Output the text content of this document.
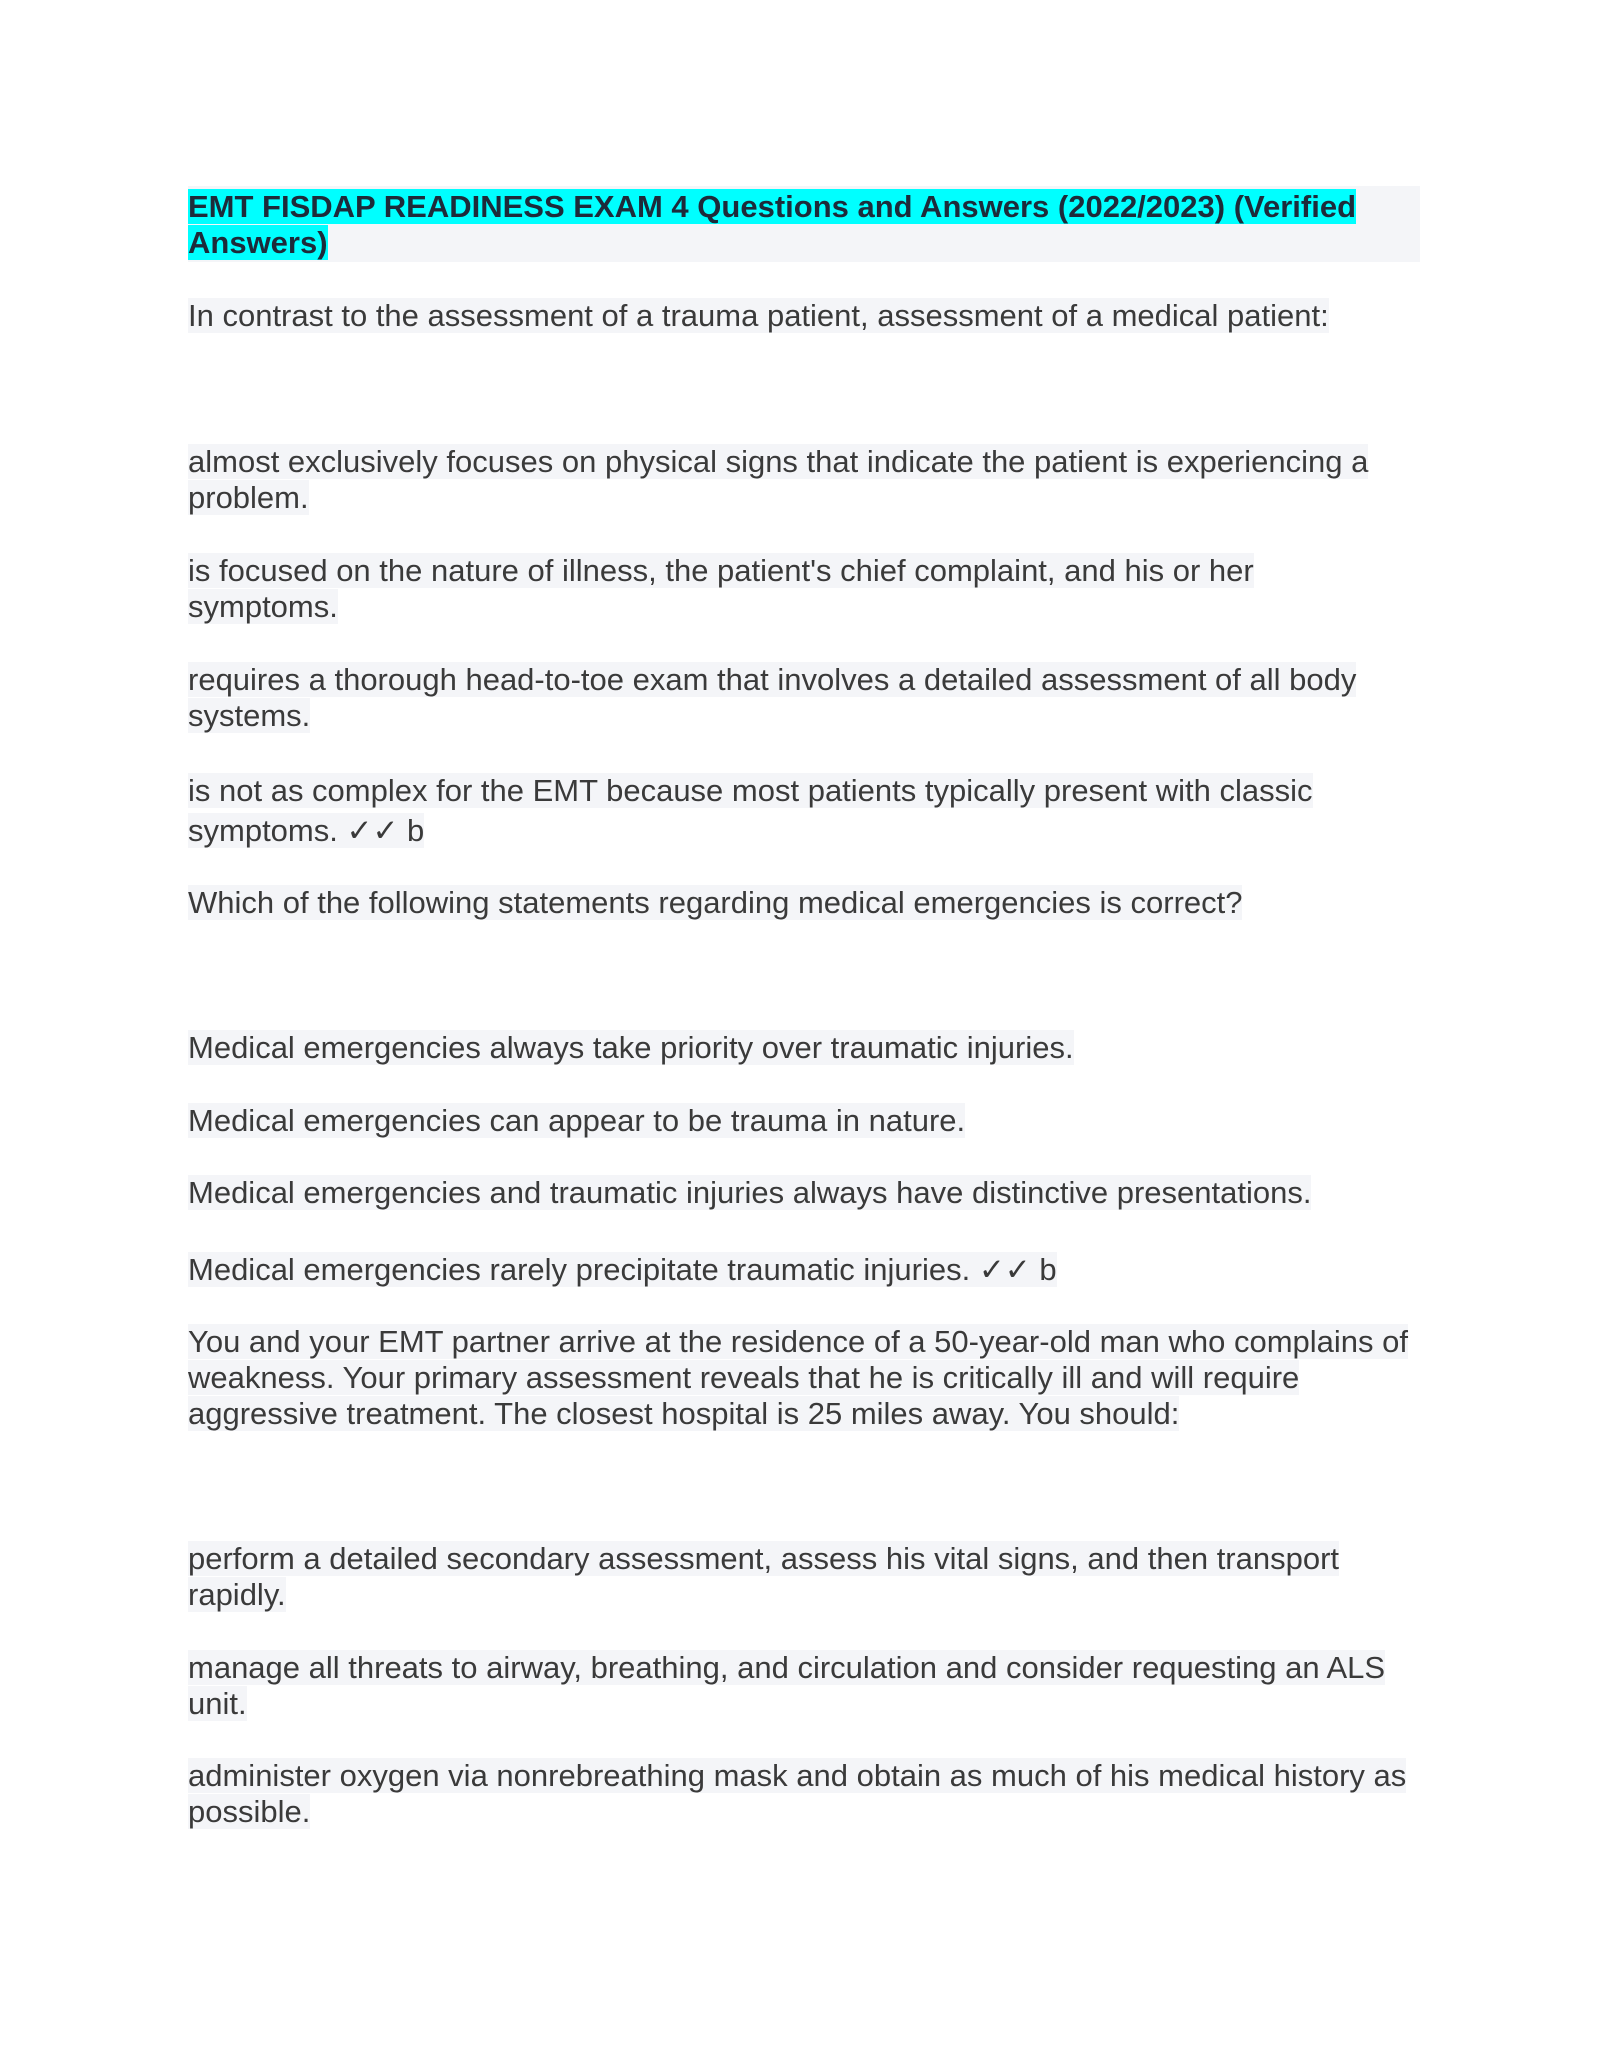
EMT FISDAP READINESS EXAM 4 Questions and Answers (2022/2023) (Verified Answers)

In contrast to the assessment of a trauma patient, assessment of a medical patient:

almost exclusively focuses on physical signs that indicate the patient is experiencing a problem.

is focused on the nature of illness, the patient's chief complaint, and his or her symptoms.

requires a thorough head-to-toe exam that involves a detailed assessment of all body systems.

is not as complex for the EMT because most patients typically present with classic symptoms. ✓✓ b

Which of the following statements regarding medical emergencies is correct?

Medical emergencies always take priority over traumatic injuries.

Medical emergencies can appear to be trauma in nature.

Medical emergencies and traumatic injuries always have distinctive presentations.

Medical emergencies rarely precipitate traumatic injuries. ✓✓ b

You and your EMT partner arrive at the residence of a 50-year-old man who complains of weakness. Your primary assessment reveals that he is critically ill and will require aggressive treatment. The closest hospital is 25 miles away. You should:

perform a detailed secondary assessment, assess his vital signs, and then transport rapidly.

manage all threats to airway, breathing, and circulation and consider requesting an ALS unit.

administer oxygen via nonrebreathing mask and obtain as much of his medical history as possible.
